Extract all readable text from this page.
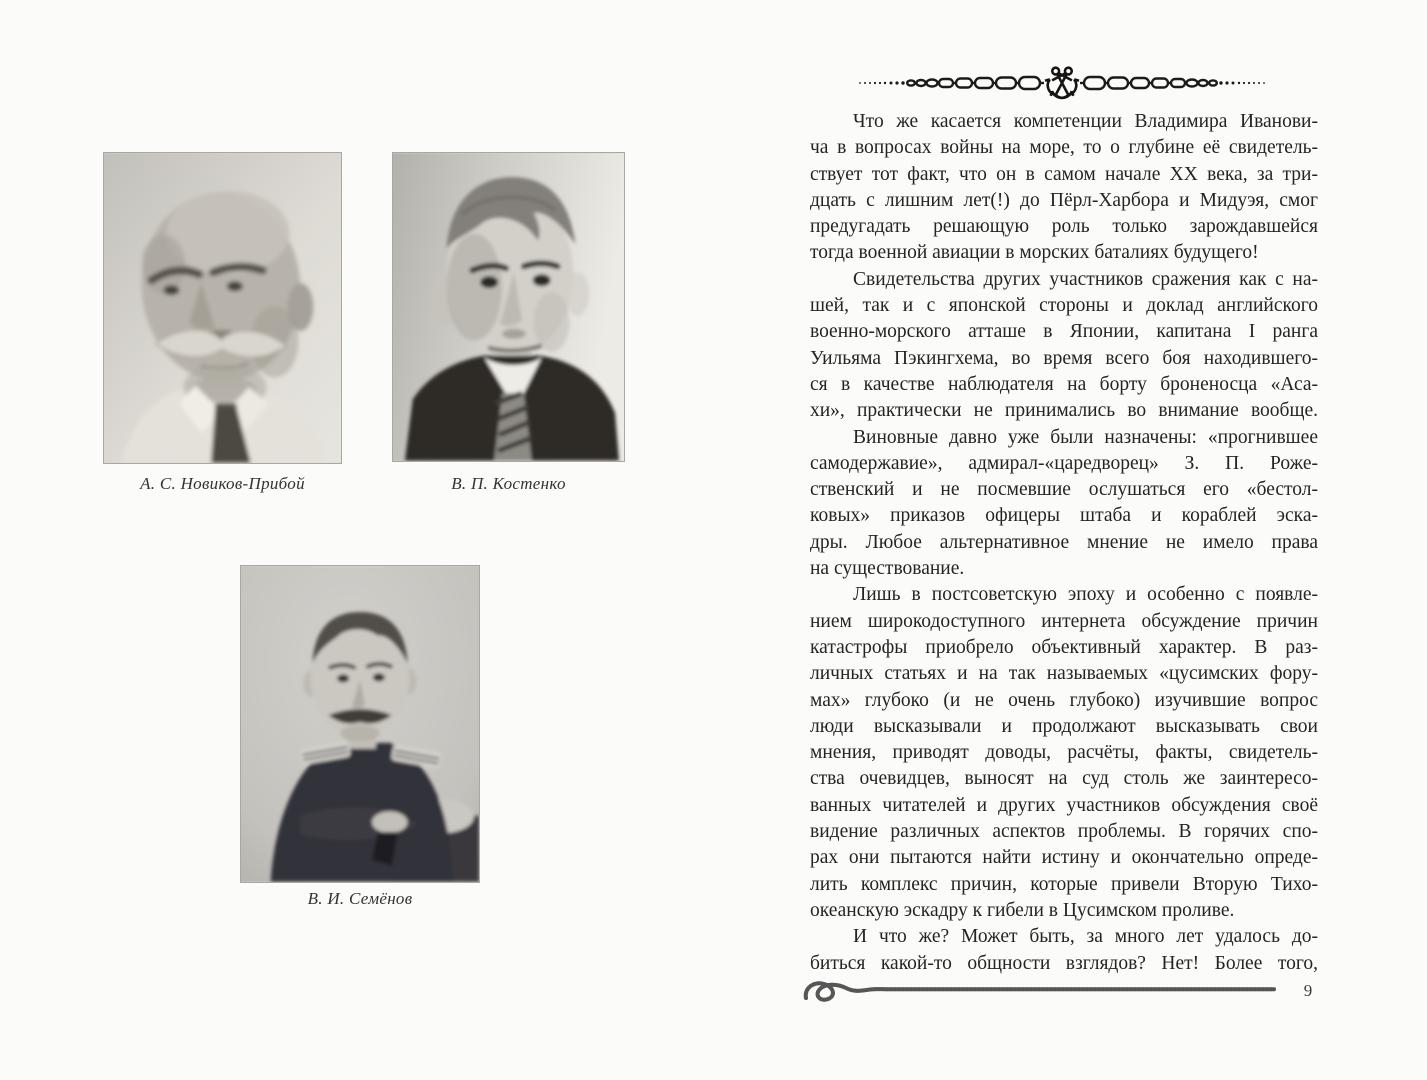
А. С. Новиков-Прибой	В. П. Костенко
В. И. Семёнов
Что же касается компетенции Владимира Иванови-
ча в вопросах войны на море, то о глубине её свидетель-
ствует тот факт, что он в самом начале XX века, за три-
дцать с лишним лет(!) до Пёрл-Харбора и Мидуэя, смог
предугадать решающую роль только зарождавшейся
тогда военной авиации в морских баталиях будущего!
Свидетельства других участников сражения как с на-
шей, так и с японской стороны и доклад английского
военно-морского атташе в Японии, капитана I ранга
Уильяма Пэкингхема, во время всего боя находившего-
ся в качестве наблюдателя на борту броненосца «Аса-
хи», практически не принимались во внимание вообще.
Виновные давно уже были назначены: «прогнившее
самодержавие», адмирал-«царедворец» З. П. Роже-
ственский и не посмевшие ослушаться его «бестол-
ковых» приказов офицеры штаба и кораблей эска-
дры. Любое альтернативное мнение не имело права
на существование.
Лишь в постсоветскую эпоху и особенно с появле-
нием широкодоступного интернета обсуждение причин
катастрофы приобрело объективный характер. В раз-
личных статьях и на так называемых «цусимских фору-
мах» глубоко (и не очень глубоко) изучившие вопрос
люди высказывали и продолжают высказывать свои
мнения, приводят доводы, расчёты, факты, свидетель-
ства очевидцев, выносят на суд столь же заинтересо-
ванных читателей и других участников обсуждения своё
видение различных аспектов проблемы. В горячих спо-
рах они пытаются найти истину и окончательно опреде-
лить комплекс причин, которые привели Вторую Тихо-
океанскую эскадру к гибели в Цусимском проливе.
И что же? Может быть, за много лет удалось до-
биться какой-то общности взглядов? Нет! Более того,
9
